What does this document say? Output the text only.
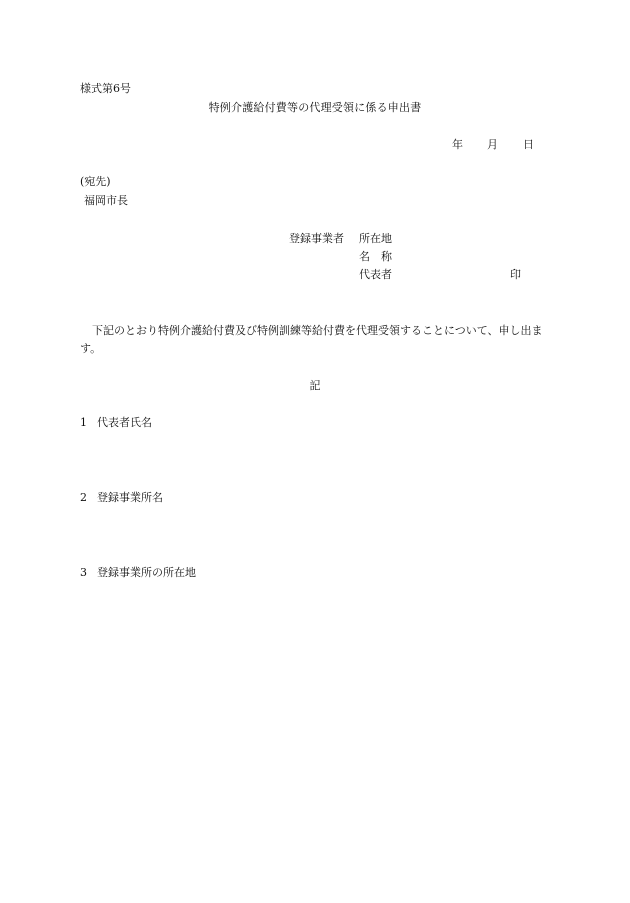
様式第6号
特例介護給付費等の代理受領に係る申出書
年 月 日
(宛先)
福岡市長
登録事業者 所在地
名　称
代表者	印
下記のとおり特例介護給付費及び特例訓練等給付費を代理受領することについて、申し出ます。
記
1 代表者氏名
2 登録事業所名
3 登録事業所の所在地
